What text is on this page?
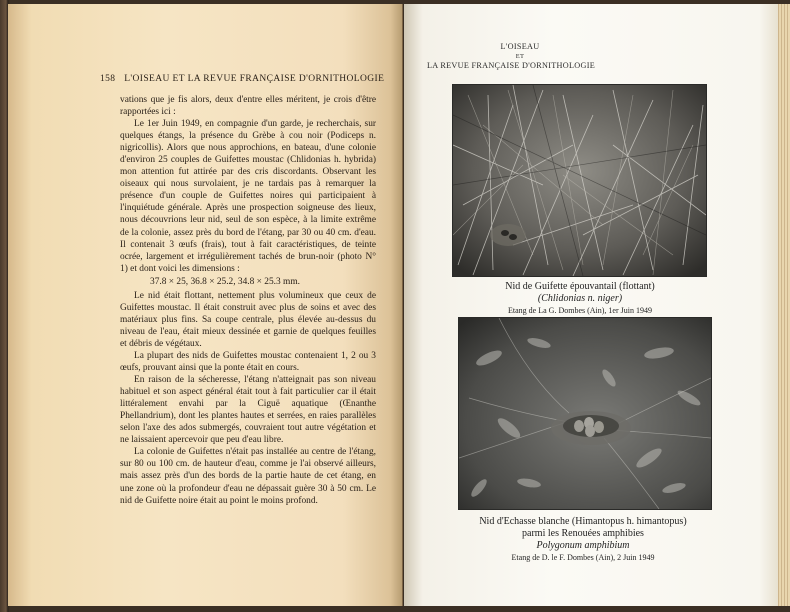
158 L'OISEAU ET LA REVUE FRANÇAISE D'ORNITHOLOGIE

vations que je fis alors, deux d'entre elles méritent, je crois d'être rapportées ici :

Le 1er Juin 1949, en compagnie d'un garde, je recherchais, sur quelques étangs, la présence du Grèbe à cou noir (Podiceps n. nigricollis). Alors que nous approchions, en bateau, d'une colonie d'environ 25 couples de Guifettes moustac (Chlidonias h. hybrida) mon attention fut attirée par des cris discordants. Observant les oiseaux qui nous survolaient, je ne tardais pas à remarquer la présence d'un couple de Guifettes noires qui participaient à l'inquiétude générale. Après une prospection soigneuse des lieux, nous découvrions leur nid, seul de son espèce, à la limite extrême de la colonie, assez près du bord de l'étang, par 30 ou 40 cm. d'eau. Il contenait 3 œufs (frais), tout à fait caractéristiques, de teinte ocrée, largement et irrégulièrement tachés de brun-noir (photo N° 1) et dont voici les dimensions :

37.8 × 25, 36.8 × 25.2, 34.8 × 25.3 mm.

Le nid était flottant, nettement plus volumineux que ceux de Guifettes moustac. Il était construit avec plus de soins et avec des matériaux plus fins. Sa coupe centrale, plus élevée au-dessus du niveau de l'eau, était mieux dessinée et garnie de quelques feuilles et débris de végétaux.

La plupart des nids de Guifettes moustac contenaient 1, 2 ou 3 œufs, prouvant ainsi que la ponte était en cours.

En raison de la sécheresse, l'étang n'atteignait pas son niveau habituel et son aspect général était tout à fait particulier car il était littéralement envahi par la Ciguë aquatique (Œnanthe Phellandrium), dont les plantes hautes et serrées, en raies parallèles selon l'axe des ados submergés, couvraient tout autre végétation et ne laissaient apercevoir que peu d'eau libre.

La colonie de Guifettes n'était pas installée au centre de l'étang, sur 80 ou 100 cm. de hauteur d'eau, comme je l'ai observé ailleurs, mais assez près d'un des bords de la partie haute de cet étang, en une zone où la profondeur d'eau ne dépassait guère 30 à 50 cm. Le nid de Guifette noire était au point le moins profond.

L'OISEAU
ET
LA REVUE FRANÇAISE D'ORNITHOLOGIE
Nid de Guifette épouvantail (flottant)
(Chlidonias n. niger)
Etang de La G. Dombes (Ain), 1er Juin 1949
Nid d'Echasse blanche (Himantopus h. himantopus)
parmi les Renouées amphibies
Polygonum amphibium
Etang de D. le F. Dombes (Ain), 2 Juin 1949
